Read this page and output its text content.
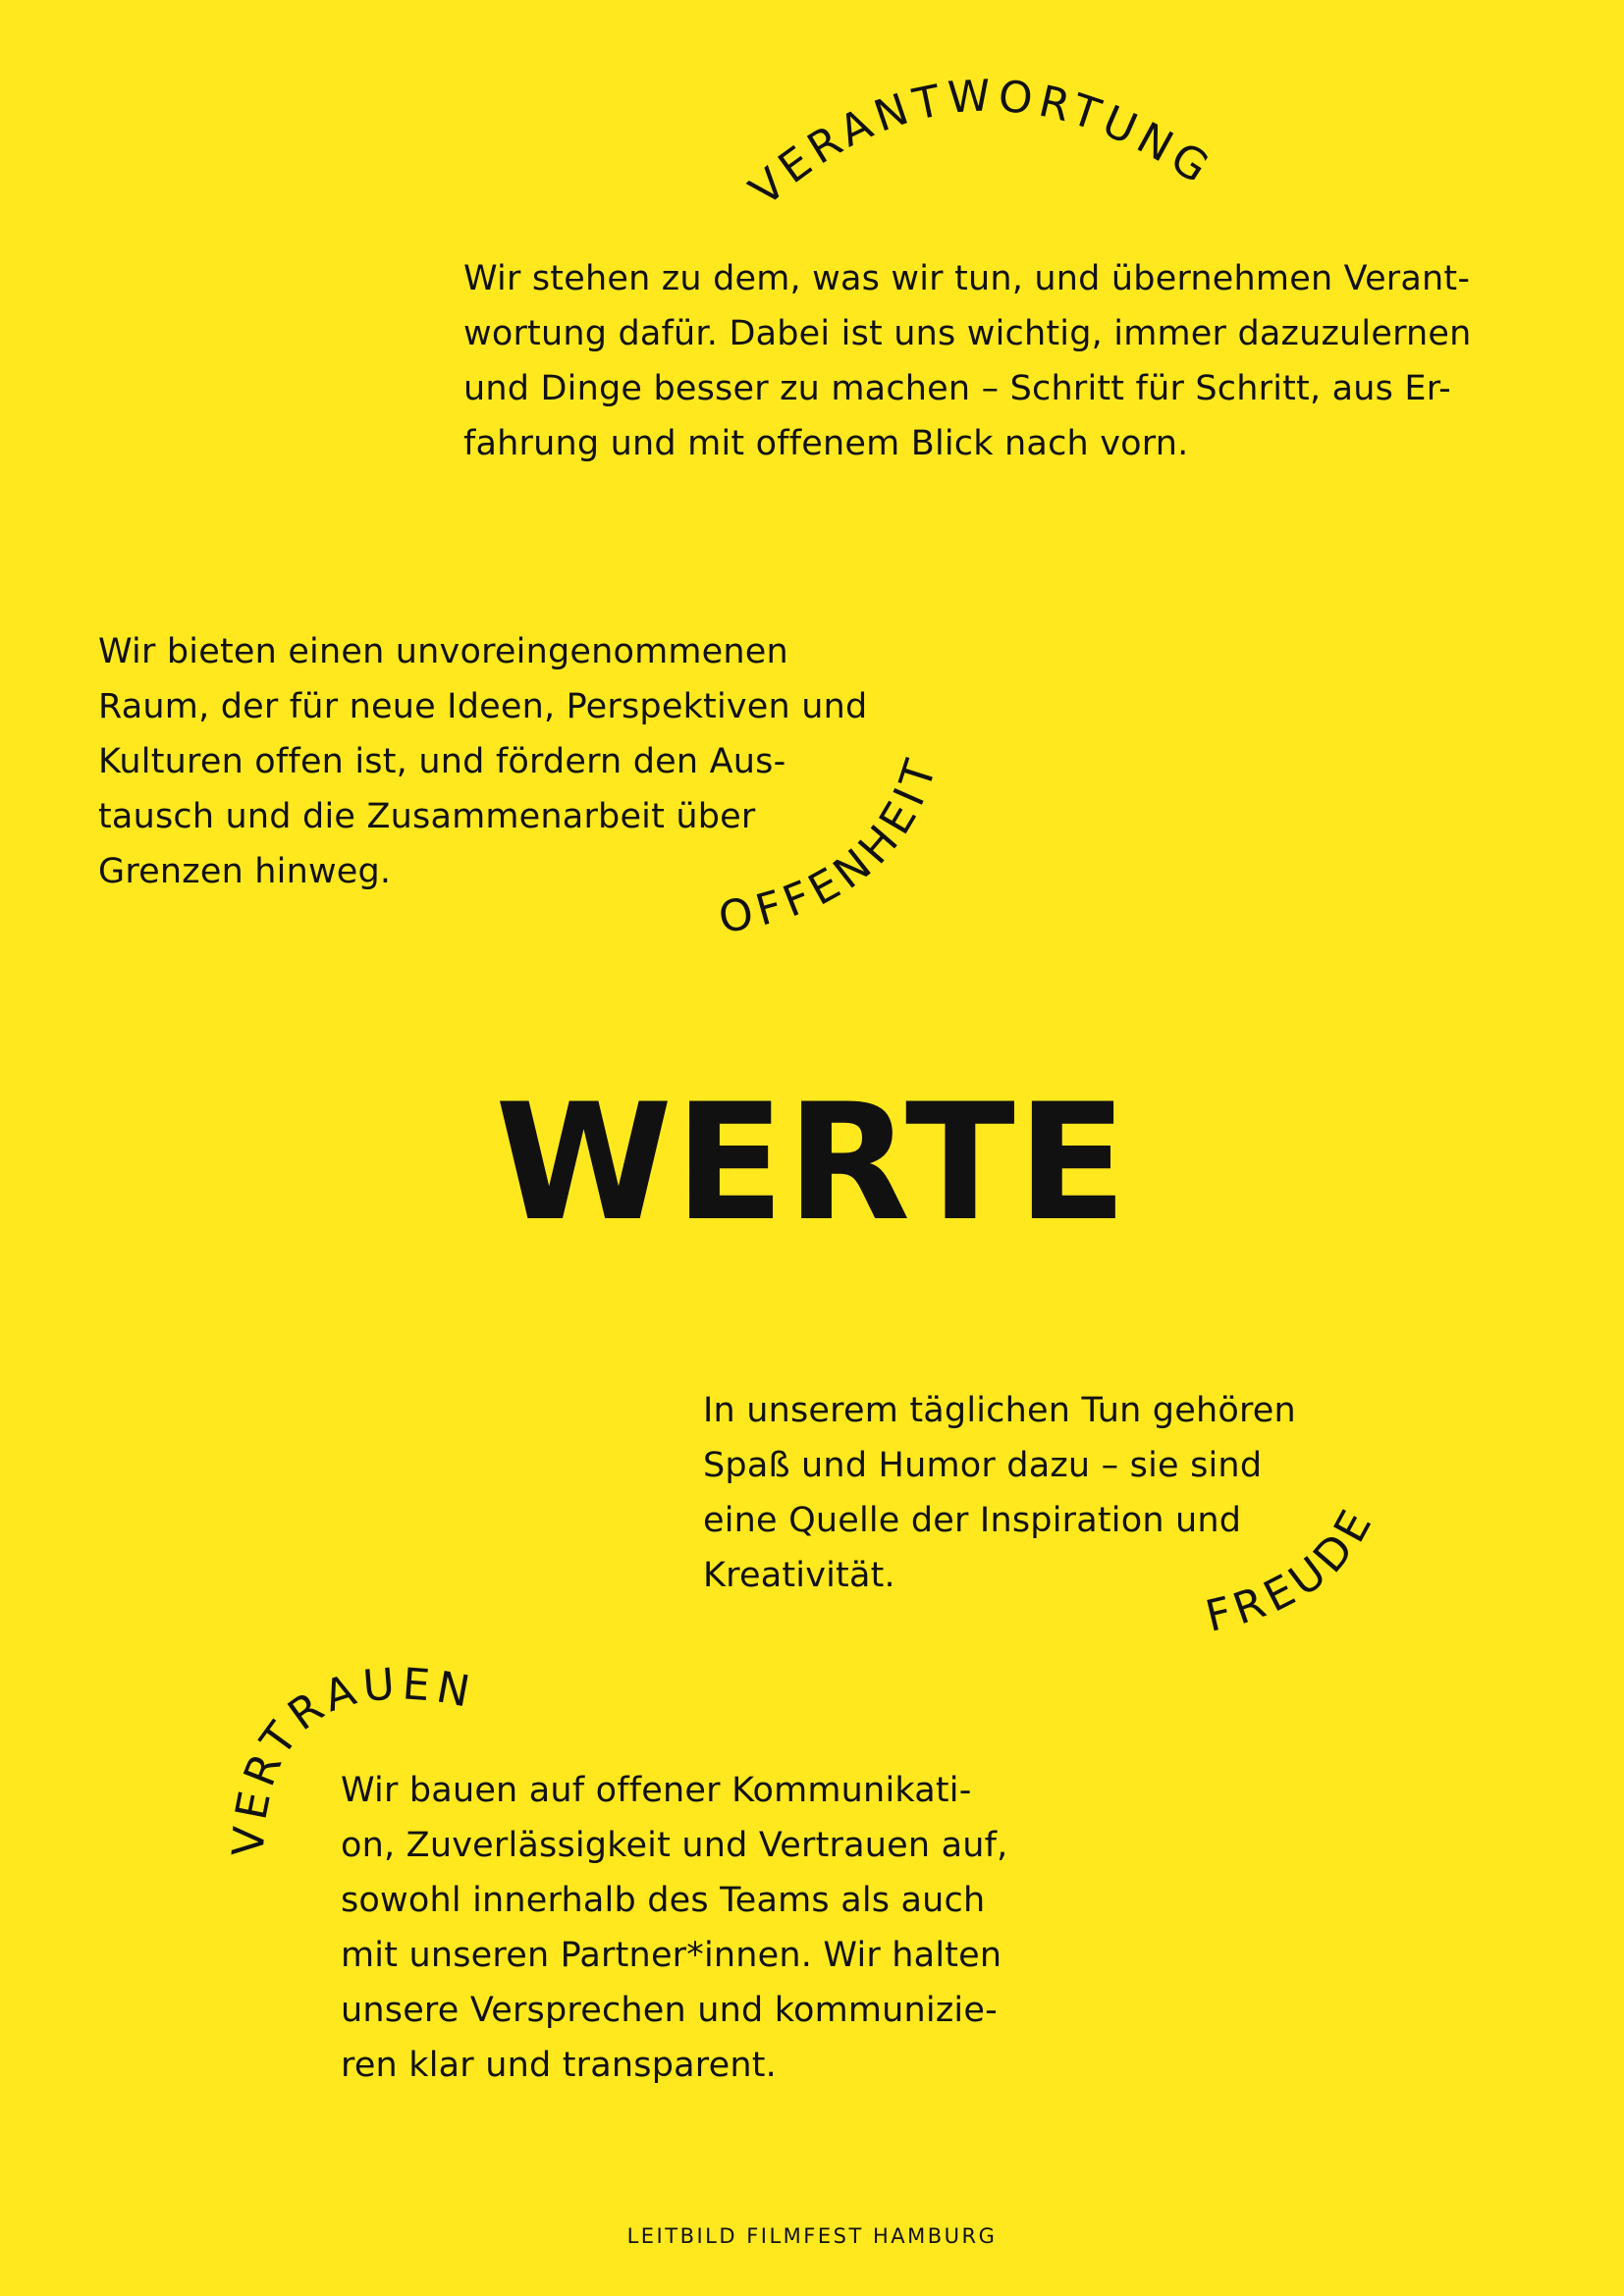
VERANTWORTUNG
OFFENHEIT
FREUDE
VERTRAUEN

Wir stehen zu dem, was wir tun, und übernehmen Verant-
wortung dafür. Dabei ist uns wichtig, immer dazuzulernen
und Dinge besser zu machen – Schritt für Schritt, aus Er-
fahrung und mit offenem Blick nach vorn.

Wir bieten einen unvoreingenommenen
Raum, der für neue Ideen, Perspektiven und
Kulturen offen ist, und fördern den Aus-
tausch und die Zusammenarbeit über
Grenzen hinweg.

WERTE

In unserem täglichen Tun gehören
Spaß und Humor dazu – sie sind
eine Quelle der Inspiration und
Kreativität.

Wir bauen auf offener Kommunikati-
on, Zuverlässigkeit und Vertrauen auf,
sowohl innerhalb des Teams als auch
mit unseren Partner*innen. Wir halten
unsere Versprechen und kommunizie-
ren klar und transparent.

LEITBILD FILMFEST HAMBURG
